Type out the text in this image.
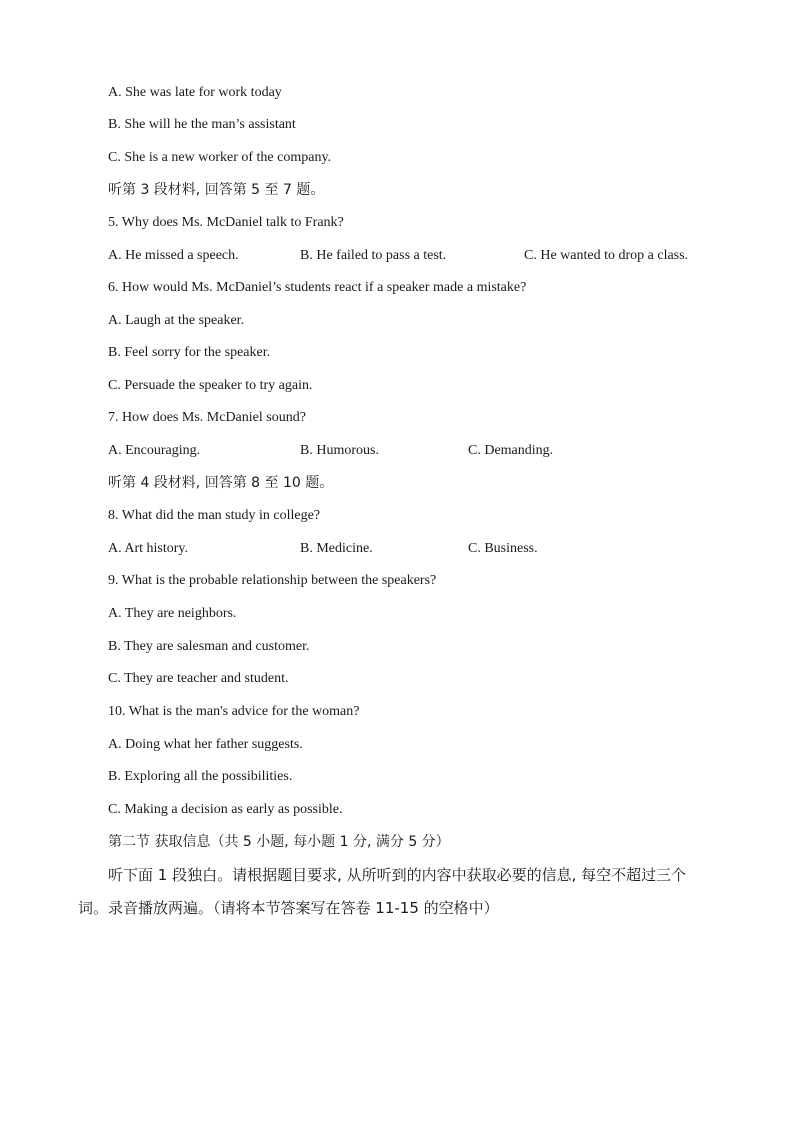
A. She was late for work today
B. She will he the man’s assistant
C. She is a new worker of the company.
听第 3 段材料, 回答第 5 至 7 题。
5. Why does Ms. McDaniel talk to Frank?
A. He missed a speech.	B. He failed to pass a test.	C. He wanted to drop a class.
6. How would Ms. McDaniel’s students react if a speaker made a mistake?
A. Laugh at the speaker.
B. Feel sorry for the speaker.
C. Persuade the speaker to try again.
7. How does Ms. McDaniel sound?
A. Encouraging.	B. Humorous.	C. Demanding.
听第 4 段材料, 回答第 8 至 10 题。
8. What did the man study in college?
A. Art history.	B. Medicine.	C. Business.
9. What is the probable relationship between the speakers?
A. They are neighbors.
B. They are salesman and customer.
C. They are teacher and student.
10. What is the man's advice for the woman?
A. Doing what her father suggests.
B. Exploring all the possibilities.
C. Making a decision as early as possible.
第二节 获取信息（共 5 小题, 每小题 1 分, 满分 5 分）
听下面 1 段独白。请根据题目要求, 从所听到的内容中获取必要的信息, 每空不超过三个
词。录音播放两遍。（请将本节答案写在答卷 11-15 的空格中）
